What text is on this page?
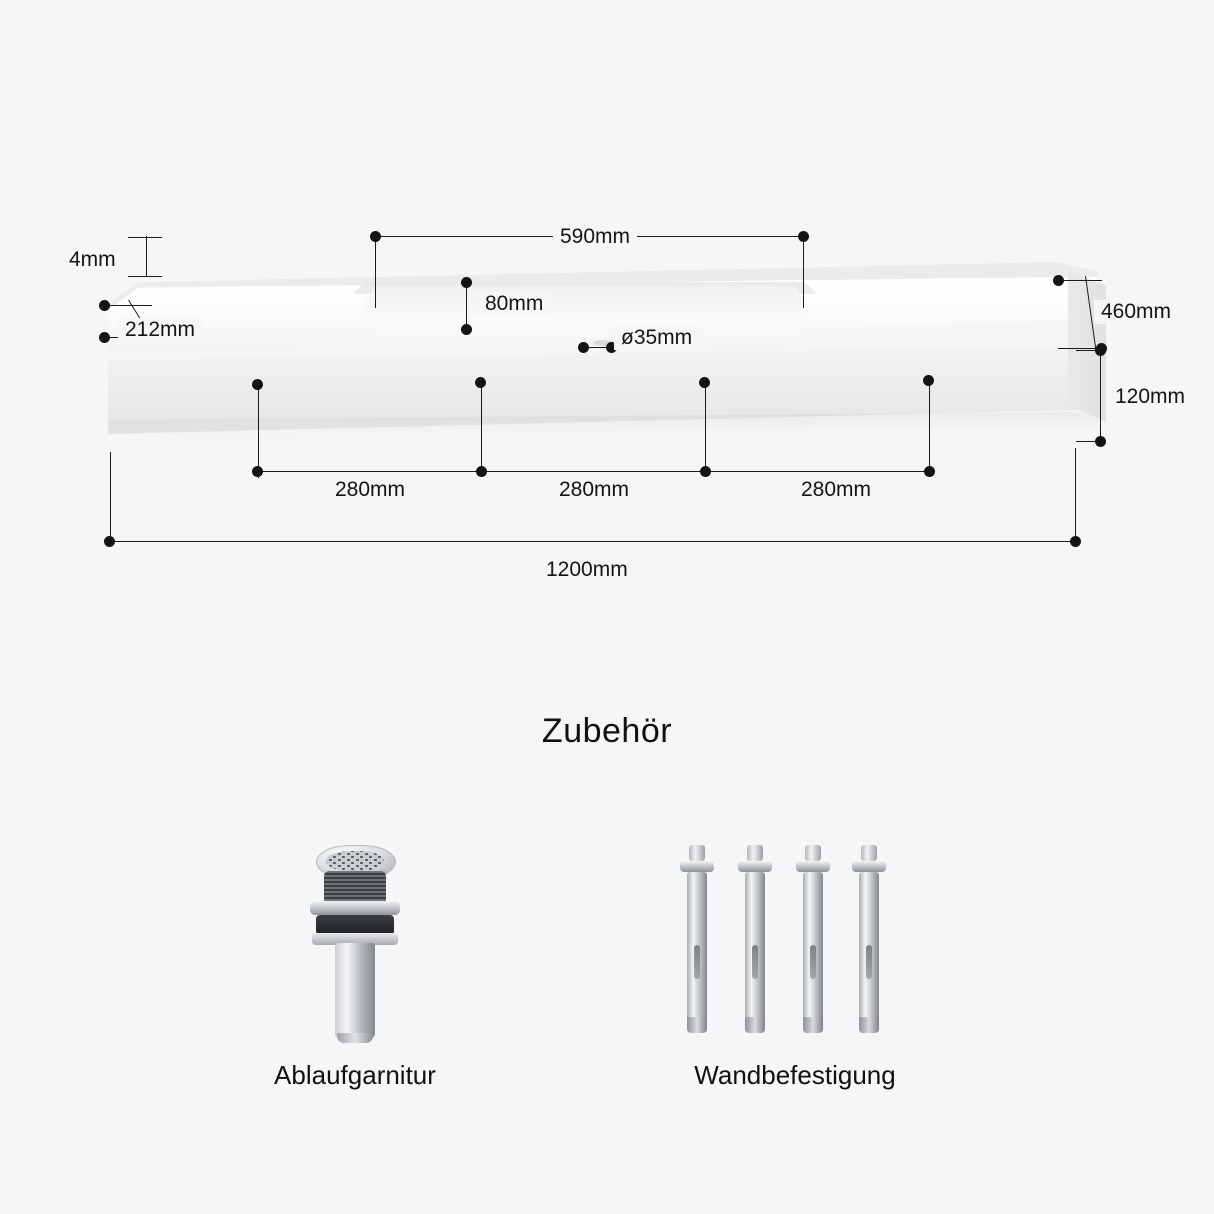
4mm
212mm
590mm
80mm
ø35mm
460mm
120mm
280mm	280mm	280mm
1200mm
Zubehör
Ablaufgarnitur	Wandbefestigung
